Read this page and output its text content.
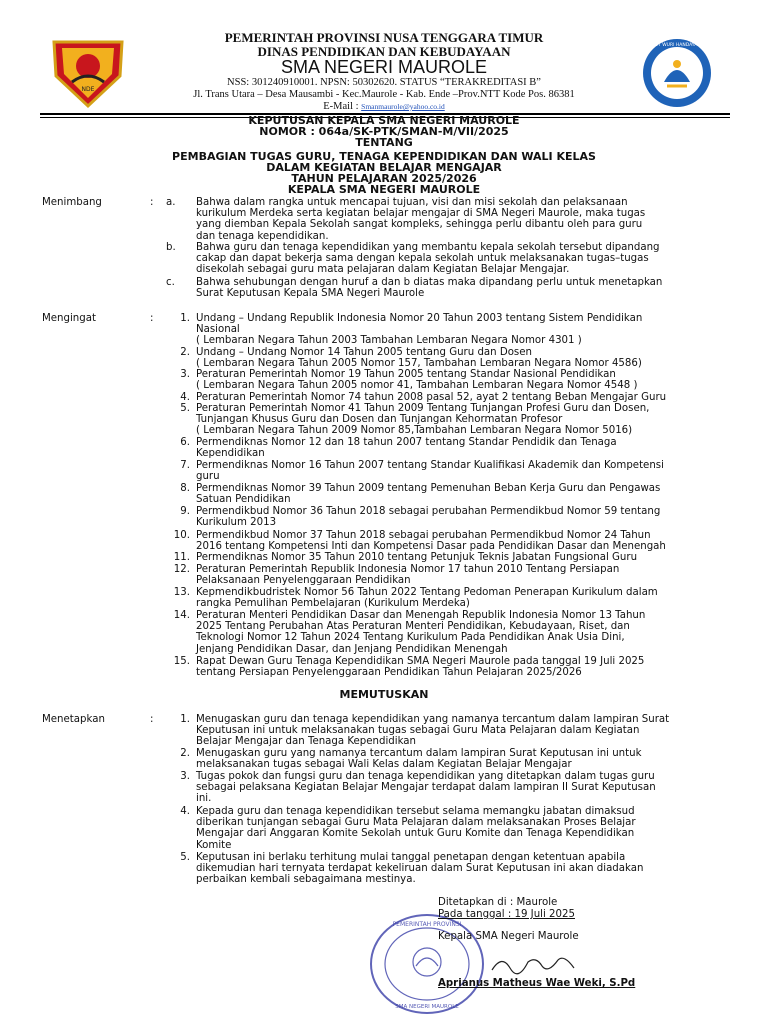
NDE
TUT WURI HANDAYANI
PEMERINTAH PROVINSI NUSA TENGGARA TIMUR
DINAS PENDIDIKAN DAN KEBUDAYAAN
SMA NEGERI MAUROLE
NSS: 301240910001. NPSN: 50302620. STATUS “TERAKREDITASI B”
Jl. Trans Utara – Desa Mausambi - Kec.Maurole - Kab. Ende –Prov.NTT Kode Pos. 86381
E-Mail : Smanmaurole@yahoo.co.id
KEPUTUSAN KEPALA SMA NEGERI MAUROLE
NOMOR : 064a/SK-PTK/SMAN-M/VII/2025
TENTANG
PEMBAGIAN TUGAS GURU, TENAGA KEPENDIDIKAN DAN WALI KELAS
DALAM KEGIATAN BELAJAR MENGAJAR
TAHUN PELAJARAN 2025/2026
KEPALA SMA NEGERI MAUROLE
Menimbang	: a. Bahwa dalam rangka untuk mencapai tujuan, visi dan misi sekolah dan pelaksanaan
kurikulum Merdeka serta kegiatan belajar mengajar di SMA Negeri Maurole, maka tugas
yang diemban Kepala Sekolah sangat kompleks, sehingga perlu dibantu oleh para guru
dan tenaga kependidikan.
b. Bahwa guru dan tenaga kependidikan yang membantu kepala sekolah tersebut dipandang
cakap dan dapat bekerja sama dengan kepala sekolah untuk melaksanakan tugas–tugas
disekolah sebagai guru mata pelajaran dalam Kegiatan Belajar Mengajar.
c. Bahwa sehubungan dengan huruf a dan b diatas maka dipandang perlu untuk menetapkan
Surat Keputusan Kepala SMA Negeri Maurole
Mengingat	:	1. Undang – Undang Republik Indonesia Nomor 20 Tahun 2003 tentang Sistem Pendidikan
Nasional
( Lembaran Negara Tahun 2003 Tambahan Lembaran Negara Nomor 4301 )
2. Undang – Undang Nomor 14 Tahun 2005 tentang Guru dan Dosen
( Lembaran Negara Tahun 2005 Nomor 157, Tambahan Lembaran Negara Nomor 4586)
3. Peraturan Pemerintah Nomor 19 Tahun 2005 tentang Standar Nasional Pendidikan
( Lembaran Negara Tahun 2005 nomor 41, Tambahan Lembaran Negara Nomor 4548 )
4. Peraturan Pemerintah Nomor 74 tahun 2008 pasal 52, ayat 2 tentang Beban Mengajar Guru
5. Peraturan Pemerintah Nomor 41 Tahun 2009 Tentang Tunjangan Profesi Guru dan Dosen,
Tunjangan Khusus Guru dan Dosen dan Tunjangan Kehormatan Profesor
( Lembaran Negara Tahun 2009 Nomor 85,Tambahan Lembaran Negara Nomor 5016)
6. Permendiknas Nomor 12 dan 18 tahun 2007 tentang Standar Pendidik dan Tenaga
Kependidikan
7. Permendiknas Nomor 16 Tahun 2007 tentang Standar Kualifikasi Akademik dan Kompetensi
guru
8. Permendiknas Nomor 39 Tahun 2009 tentang Pemenuhan Beban Kerja Guru dan Pengawas
Satuan Pendidikan
9. Permendikbud Nomor 36 Tahun 2018 sebagai perubahan Permendikbud Nomor 59 tentang
Kurikulum 2013
10. Permendikbud Nomor 37 Tahun 2018 sebagai perubahan Permendikbud Nomor 24 Tahun
2016 tentang Kompetensi Inti dan Kompetensi Dasar pada Pendidikan Dasar dan Menengah
11. Permendiknas Nomor 35 Tahun 2010 tentang Petunjuk Teknis Jabatan Fungsional Guru
12. Peraturan Pemerintah Republik Indonesia Nomor 17 tahun 2010 Tentang Persiapan
Pelaksanaan Penyelenggaraan Pendidikan
13. Kepmendikbudristek Nomor 56 Tahun 2022 Tentang Pedoman Penerapan Kurikulum dalam
rangka Pemulihan Pembelajaran (Kurikulum Merdeka)
14. Peraturan Menteri Pendidikan Dasar dan Menengah Republik Indonesia Nomor 13 Tahun
2025 Tentang Perubahan Atas Peraturan Menteri Pendidikan, Kebudayaan, Riset, dan
Teknologi Nomor 12 Tahun 2024 Tentang Kurikulum Pada Pendidikan Anak Usia Dini,
Jenjang Pendidikan Dasar, dan Jenjang Pendidikan Menengah
15. Rapat Dewan Guru Tenaga Kependidikan SMA Negeri Maurole pada tanggal 19 Juli 2025
tentang Persiapan Penyelenggaraan Pendidikan Tahun Pelajaran 2025/2026
MEMUTUSKAN
Menetapkan	:	1. Menugaskan guru dan tenaga kependidikan yang namanya tercantum dalam lampiran Surat
Keputusan ini untuk melaksanakan tugas sebagai Guru Mata Pelajaran dalam Kegiatan
Belajar Mengajar dan Tenaga Kependidikan
2. Menugaskan guru yang namanya tercantum dalam lampiran Surat Keputusan ini untuk
melaksanakan tugas sebagai Wali Kelas dalam Kegiatan Belajar Mengajar
3. Tugas pokok dan fungsi guru dan tenaga kependidikan yang ditetapkan dalam tugas guru
sebagai pelaksana Kegiatan Belajar Mengajar terdapat dalam lampiran II Surat Keputusan
ini.
4. Kepada guru dan tenaga kependidikan tersebut selama memangku jabatan dimaksud
diberikan tunjangan sebagai Guru Mata Pelajaran dalam melaksanakan Proses Belajar
Mengajar dari Anggaran Komite Sekolah untuk Guru Komite dan Tenaga Kependidikan
Komite
5. Keputusan ini berlaku terhitung mulai tanggal penetapan dengan ketentuan apabila
dikemudian hari ternyata terdapat kekeliruan dalam Surat Keputusan ini akan diadakan
perbaikan kembali sebagaimana mestinya.
PEMERINTAH PROVINSI
SMA NEGERI MAUROLE
Ditetapkan di : Maurole
Pada tanggal : 19 Juli 2025
Kepala SMA Negeri Maurole
Aprianus Matheus Wae Weki, S.Pd
